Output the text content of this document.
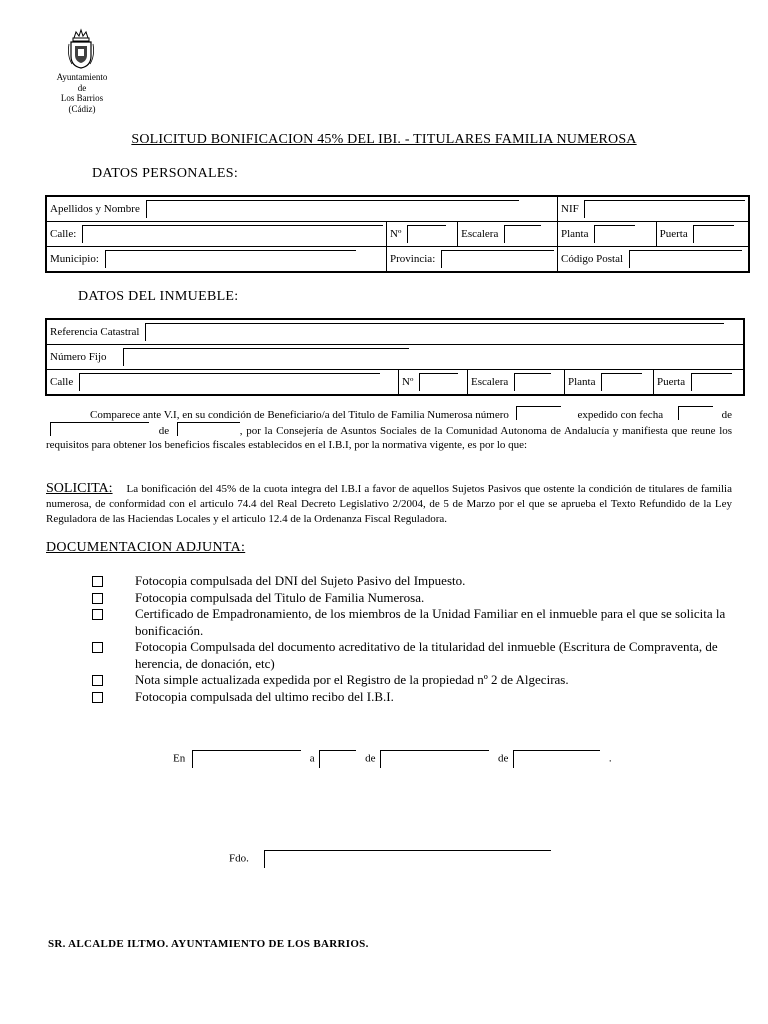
Ayuntamiento
de
Los Barrios
(Cádiz)
SOLICITUD BONIFICACION 45% DEL IBI. - TITULARES FAMILIA NUMEROSA
DATOS PERSONALES:
Apellidos y Nombre			NIF	
Calle:	Nº	Escalera	Planta	Puerta
Municipio:	Provincia:		Código Postal	
DATOS DEL INMUEBLE:
Referencia Catastral
Número Fijo
Calle	Nº	Escalera	Planta	Puerta
Comparece ante V.I, en su condición de Beneficiario/a del Titulo de Familia Numerosa número	expedido con fecha	de  de	, por la Consejería de Asuntos Sociales de la Comunidad Autonoma de Andalucía y manifiesta que reune los requisitos para obtener los beneficios fiscales establecidos en el I.B.I, por la normativa vigente, es por lo que:
SOLICITA: La bonificación del 45% de la cuota integra del I.B.I a favor de aquellos Sujetos Pasivos que ostente la condición de titulares de familia numerosa, de conformidad con el articulo 74.4 del Real Decreto Legislativo 2/2004, de 5 de Marzo por el que se aprueba el Texto Refundido de la Ley Reguladora de las Haciendas Locales y el articulo 12.4 de la Ordenanza Fiscal Reguladora.
DOCUMENTACION ADJUNTA:
Fotocopia compulsada del DNI del Sujeto Pasivo del Impuesto.
Fotocopia compulsada del Titulo de Familia Numerosa.
Certificado de Empadronamiento, de los miembros de la Unidad Familiar en el inmueble para el que se solicita la bonificación.
Fotocopia Compulsada del documento acreditativo de la titularidad del inmueble (Escritura de Compraventa, de herencia, de donación, etc)
Nota simple actualizada expedida por el Registro de la propiedad nº 2 de Algeciras.
Fotocopia compulsada del ultimo recibo del I.B.I.
En	a	de	de	.
Fdo.
SR. ALCALDE ILTMO. AYUNTAMIENTO DE LOS BARRIOS.
